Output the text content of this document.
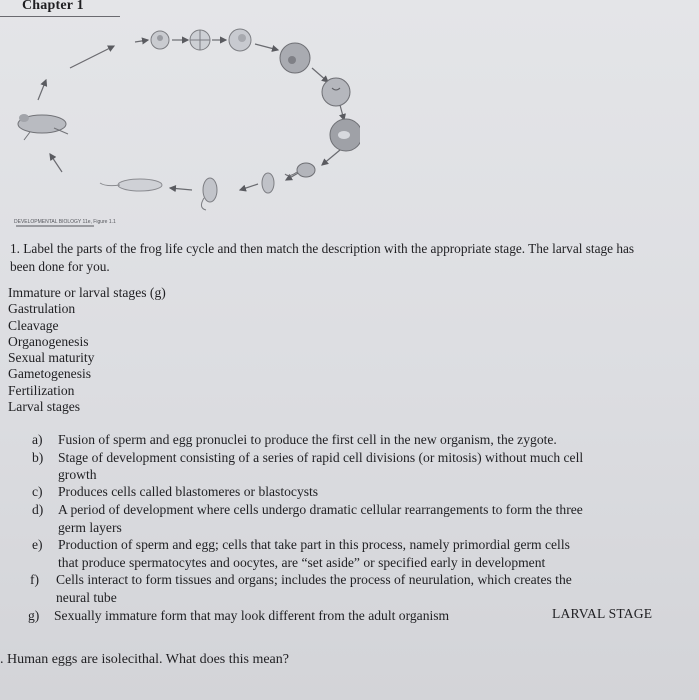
Chapter 1
DEVELOPMENTAL BIOLOGY 11e, Figure 1.1
1. Label the parts of the frog life cycle and then match the description with the appropriate stage. The larval stage has been done for you.
Immature or larval stages (g)
Gastrulation
Cleavage
Organogenesis
Sexual maturity
Gametogenesis
Fertilization
Larval stages
a) Fusion of sperm and egg pronuclei to produce the first cell in the new organism, the zygote.
b) Stage of development consisting of a series of rapid cell divisions (or mitosis) without much cell
growth
c) Produces cells called blastomeres or blastocysts
d) A period of development where cells undergo dramatic cellular rearrangements to form the three
germ layers
e) Production of sperm and egg; cells that take part in this process, namely primordial germ cells
that produce spermatocytes and oocytes, are “set aside” or specified early in development
f) Cells interact to form tissues and organs; includes the process of neurulation, which creates the
neural tube
g) Sexually immature form that may look different from the adult organism	LARVAL STAGE
. Human eggs are isolecithal. What does this mean?
